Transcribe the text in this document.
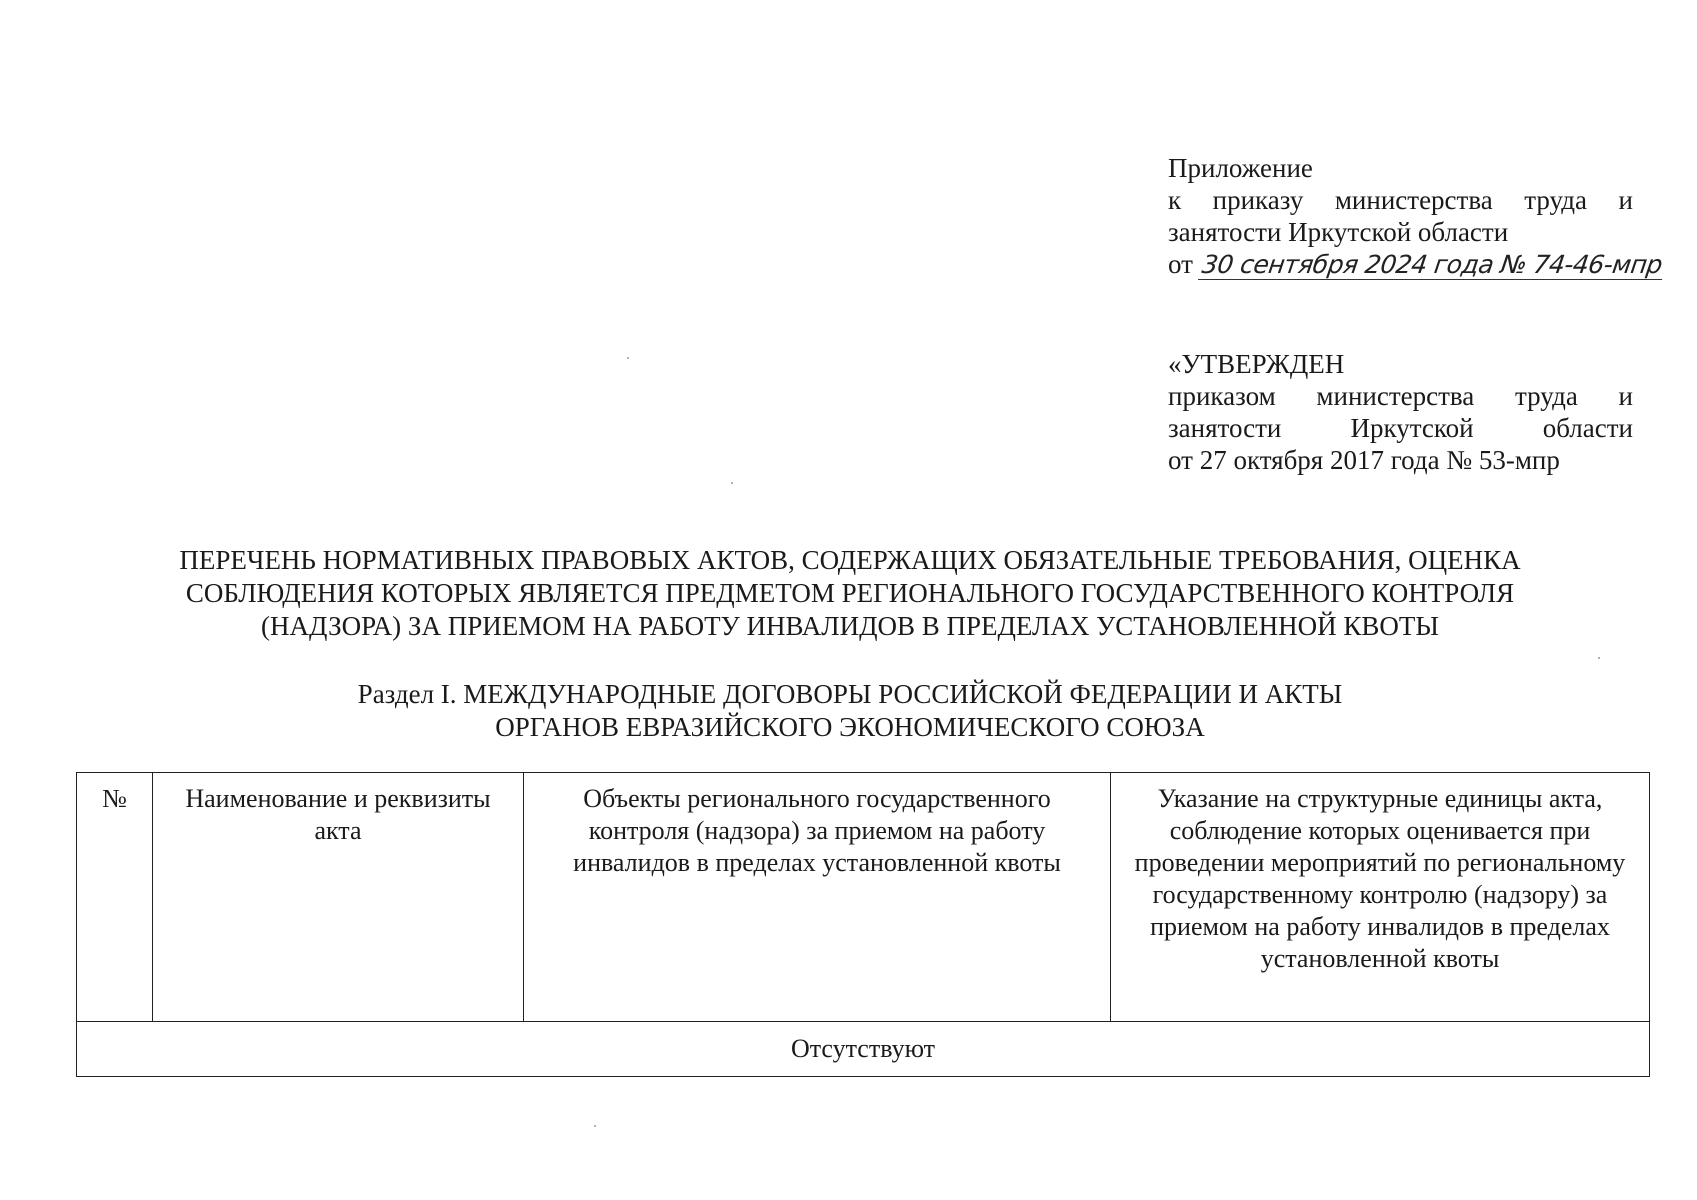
Приложение
к приказу министерства труда и
занятости Иркутской области
от 30 сентября 2024 года № 74-46-мпр
«УТВЕРЖДЕН
приказом министерства труда и
занятости Иркутской области
от 27 октября 2017 года № 53-мпр
ПЕРЕЧЕНЬ НОРМАТИВНЫХ ПРАВОВЫХ АКТОВ, СОДЕРЖАЩИХ ОБЯЗАТЕЛЬНЫЕ ТРЕБОВАНИЯ, ОЦЕНКА
СОБЛЮДЕНИЯ КОТОРЫХ ЯВЛЯЕТСЯ ПРЕДМЕТОМ РЕГИОНАЛЬНОГО ГОСУДАРСТВЕННОГО КОНТРОЛЯ
(НАДЗОРА) ЗА ПРИЕМОМ НА РАБОТУ ИНВАЛИДОВ В ПРЕДЕЛАХ УСТАНОВЛЕННОЙ КВОТЫ
Раздел I. МЕЖДУНАРОДНЫЕ ДОГОВОРЫ РОССИЙСКОЙ ФЕДЕРАЦИИ И АКТЫ
ОРГАНОВ ЕВРАЗИЙСКОГО ЭКОНОМИЧЕСКОГО СОЮЗА
№	Наименование и реквизиты акта	Объекты регионального государственного контроля (надзора) за приемом на работу инвалидов в пределах установленной квоты	Указание на структурные единицы акта, соблюдение которых оценивается при проведении мероприятий по региональному государственному контролю (надзору) за приемом на работу инвалидов в пределах установленной квоты
Отсутствуют
